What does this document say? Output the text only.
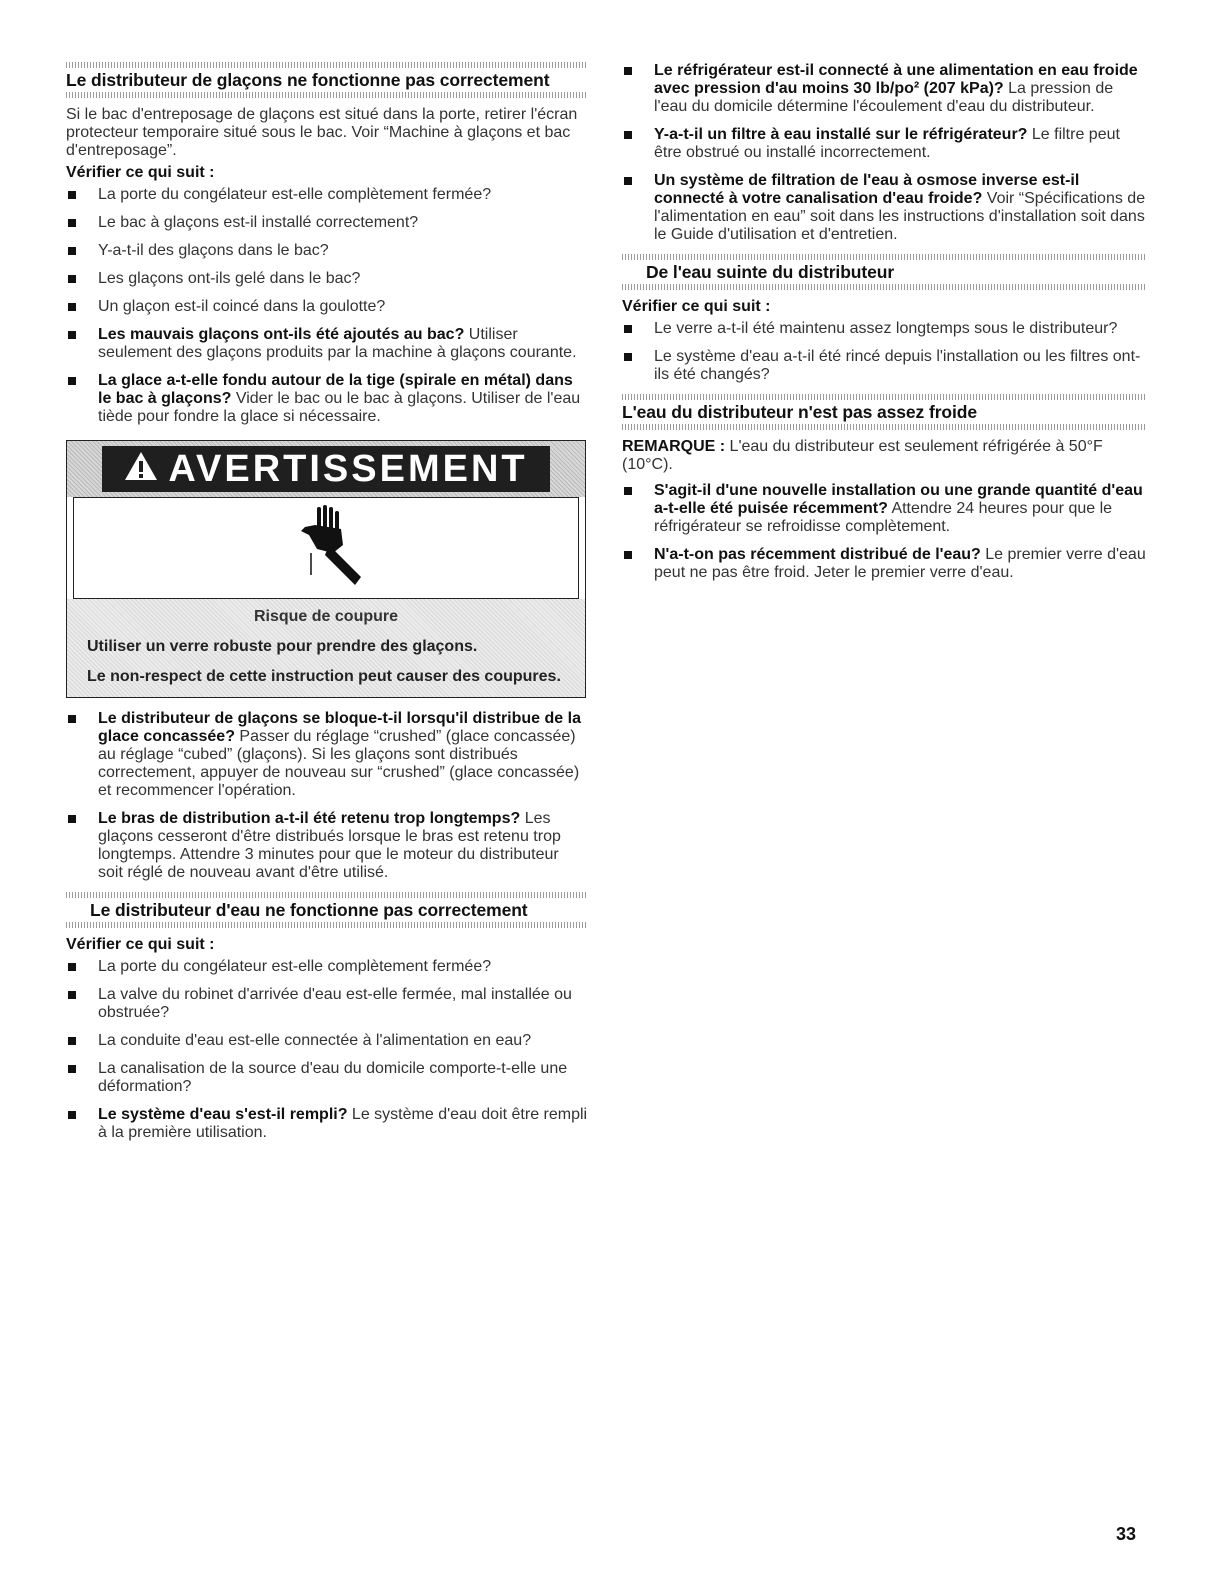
Le distributeur de glaçons ne fonctionne pas correctement

Si le bac d'entreposage de glaçons est situé dans la porte, retirer l'écran protecteur temporaire situé sous le bac. Voir “Machine à glaçons et bac d'entreposage”.

Vérifier ce qui suit :
La porte du congélateur est-elle complètement fermée?
Le bac à glaçons est-il installé correctement?
Y-a-t-il des glaçons dans le bac?
Les glaçons ont-ils gelé dans le bac?
Un glaçon est-il coincé dans la goulotte?
Les mauvais glaçons ont-ils été ajoutés au bac? Utiliser seulement des glaçons produits par la machine à glaçons courante.
La glace a-t-elle fondu autour de la tige (spirale en métal) dans le bac à glaçons? Vider le bac ou le bac à glaçons. Utiliser de l'eau tiède pour fondre la glace si nécessaire.
AVERTISSEMENT
Risque de coupure
Utiliser un verre robuste pour prendre des glaçons.
Le non-respect de cette instruction peut causer des coupures.
Le distributeur de glaçons se bloque-t-il lorsqu'il distribue de la glace concassée? Passer du réglage “crushed” (glace concassée) au réglage “cubed” (glaçons). Si les glaçons sont distribués correctement, appuyer de nouveau sur “crushed” (glace concassée) et recommencer l'opération.
Le bras de distribution a-t-il été retenu trop longtemps? Les glaçons cesseront d'être distribués lorsque le bras est retenu trop longtemps. Attendre 3 minutes pour que le moteur du distributeur soit réglé de nouveau avant d'être utilisé.
Le distributeur d'eau ne fonctionne pas correctement
Vérifier ce qui suit :
La porte du congélateur est-elle complètement fermée?
La valve du robinet d'arrivée d'eau est-elle fermée, mal installée ou obstruée?
La conduite d'eau est-elle connectée à l'alimentation en eau?
La canalisation de la source d'eau du domicile comporte-t-elle une déformation?
Le système d'eau s'est-il rempli? Le système d'eau doit être rempli à la première utilisation.
Le réfrigérateur est-il connecté à une alimentation en eau froide avec pression d'au moins 30 lb/po² (207 kPa)? La pression de l'eau du domicile détermine l'écoulement d'eau du distributeur.
Y-a-t-il un filtre à eau installé sur le réfrigérateur? Le filtre peut être obstrué ou installé incorrectement.
Un système de filtration de l'eau à osmose inverse est-il connecté à votre canalisation d'eau froide? Voir “Spécifications de l'alimentation en eau” soit dans les instructions d'installation soit dans le Guide d'utilisation et d'entretien.
De l'eau suinte du distributeur
Vérifier ce qui suit :
Le verre a-t-il été maintenu assez longtemps sous le distributeur?
Le système d'eau a-t-il été rincé depuis l'installation ou les filtres ont-ils été changés?
L'eau du distributeur n'est pas assez froide

REMARQUE : L'eau du distributeur est seulement réfrigérée à 50°F (10°C).

S'agit-il d'une nouvelle installation ou une grande quantité d'eau a-t-elle été puisée récemment? Attendre 24 heures pour que le réfrigérateur se refroidisse complètement.
N'a-t-on pas récemment distribué de l'eau? Le premier verre d'eau peut ne pas être froid. Jeter le premier verre d'eau.
33
